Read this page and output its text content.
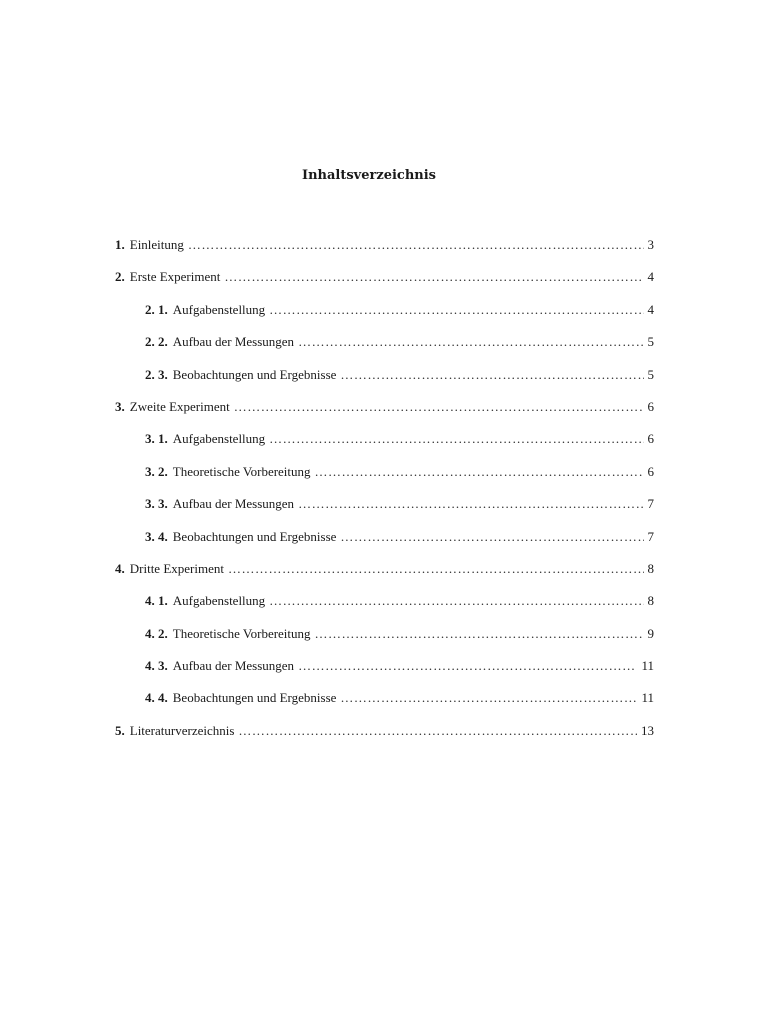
Inhaltsverzeichnis
1. Einleitung ………………………………………………………………………………………………………………………………………………………………	3
2. Erste Experiment ………………………………………………………………………………………………………………………………………………………………	4
2. 1. Aufgabenstellung ………………………………………………………………………………………………………………………………………………………………	4
2. 2. Aufbau der Messungen ………………………………………………………………………………………………………………………………………………………………	5
2. 3. Beobachtungen und Ergebnisse ………………………………………………………………………………………………………………………………………………………………	5
3. Zweite Experiment ………………………………………………………………………………………………………………………………………………………………	6
3. 1. Aufgabenstellung ………………………………………………………………………………………………………………………………………………………………	6
3. 2. Theoretische Vorbereitung ………………………………………………………………………………………………………………………………………………………………	6
3. 3. Aufbau der Messungen ………………………………………………………………………………………………………………………………………………………………	7
3. 4. Beobachtungen und Ergebnisse ………………………………………………………………………………………………………………………………………………………………	7
4. Dritte Experiment ………………………………………………………………………………………………………………………………………………………………	8
4. 1. Aufgabenstellung ………………………………………………………………………………………………………………………………………………………………	8
4. 2. Theoretische Vorbereitung ………………………………………………………………………………………………………………………………………………………………	9
4. 3. Aufbau der Messungen ………………………………………………………………………………………………………………………………………………………………	11
4. 4. Beobachtungen und Ergebnisse ………………………………………………………………………………………………………………………………………………………………	11
5. Literaturverzeichnis ………………………………………………………………………………………………………………………………………………………………	13
